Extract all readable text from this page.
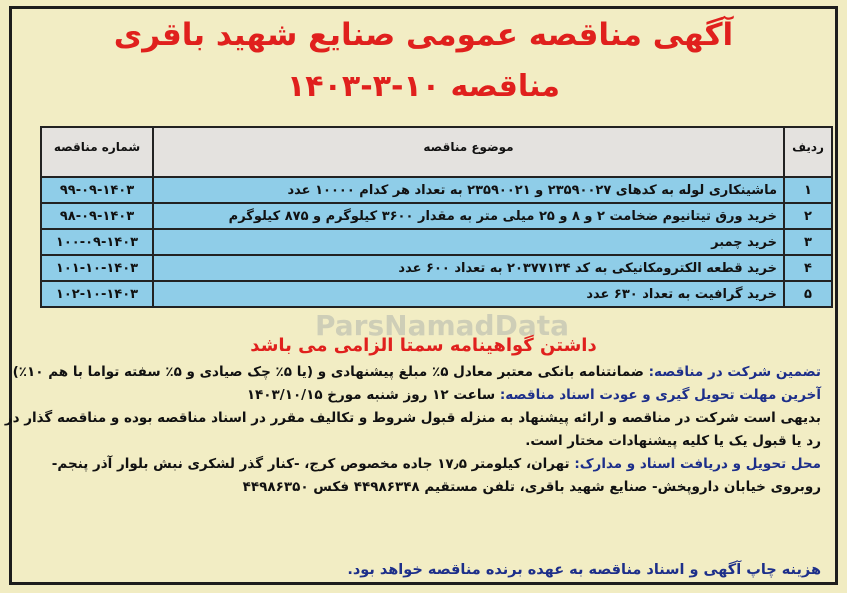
آگهی مناقصه عمومی صنایع شهید باقری
مناقصه ۱۰-۳-۱۴۰۳
ردیف	موضوع مناقصه	شماره مناقصه
۱	ماشینکاری لوله به کدهای ۲۳۵۹۰۰۲۷ و ۲۳۵۹۰۰۲۱ به تعداد هر کدام ۱۰۰۰۰ عدد	۹۹-۰۹-۱۴۰۳
۲	خرید ورق تیتانیوم ضخامت ۲ و ۸ و ۲۵ میلی متر به مقدار ۳۶۰۰ کیلوگرم و ۸۷۵ کیلوگرم	۹۸-۰۹-۱۴۰۳
۳	خرید چمبر	۱۰۰-۰۹-۱۴۰۳
۴	خرید قطعه الکترومکانیکی به کد ۲۰۳۷۷۱۳۴ به تعداد ۶۰۰ عدد	۱۰۱-۱۰-۱۴۰۳
۵	خرید گرافیت به تعداد ۶۳۰ عدد	۱۰۲-۱۰-۱۴۰۳
ParsNamadData
داشتن گواهینامه سمتا الزامی می باشد

تضمین شرکت در مناقصه: ضمانتنامه بانکی معتبر معادل ۵٪ مبلغ پیشنهادی و (یا ۵٪ چک صیادی و ۵٪ سفته تواما با هم ۱۰٪)

آخرین مهلت تحویل گیری و عودت اسناد مناقصه: ساعت ۱۲ روز شنبه مورخ ۱۴۰۳/۱۰/۱۵

بدیهی است شرکت در مناقصه و ارائه پیشنهاد به منزله قبول شروط و تکالیف مقرر در اسناد مناقصه بوده و مناقصه گذار در

رد یا قبول یک یا کلیه پیشنهادات مختار است.

محل تحویل و دریافت اسناد و مدارک: تهران، کیلومتر ۱۷٫۵ جاده مخصوص کرج، -کنار گذر لشکری نبش بلوار آذر پنجم-

روبروی خیابان داروپخش- صنایع شهید باقری، تلفن مستقیم ۴۴۹۸۶۳۴۸ فکس ۴۴۹۸۶۳۵۰

هزینه چاپ آگهی و اسناد مناقصه به عهده برنده مناقصه خواهد بود.
